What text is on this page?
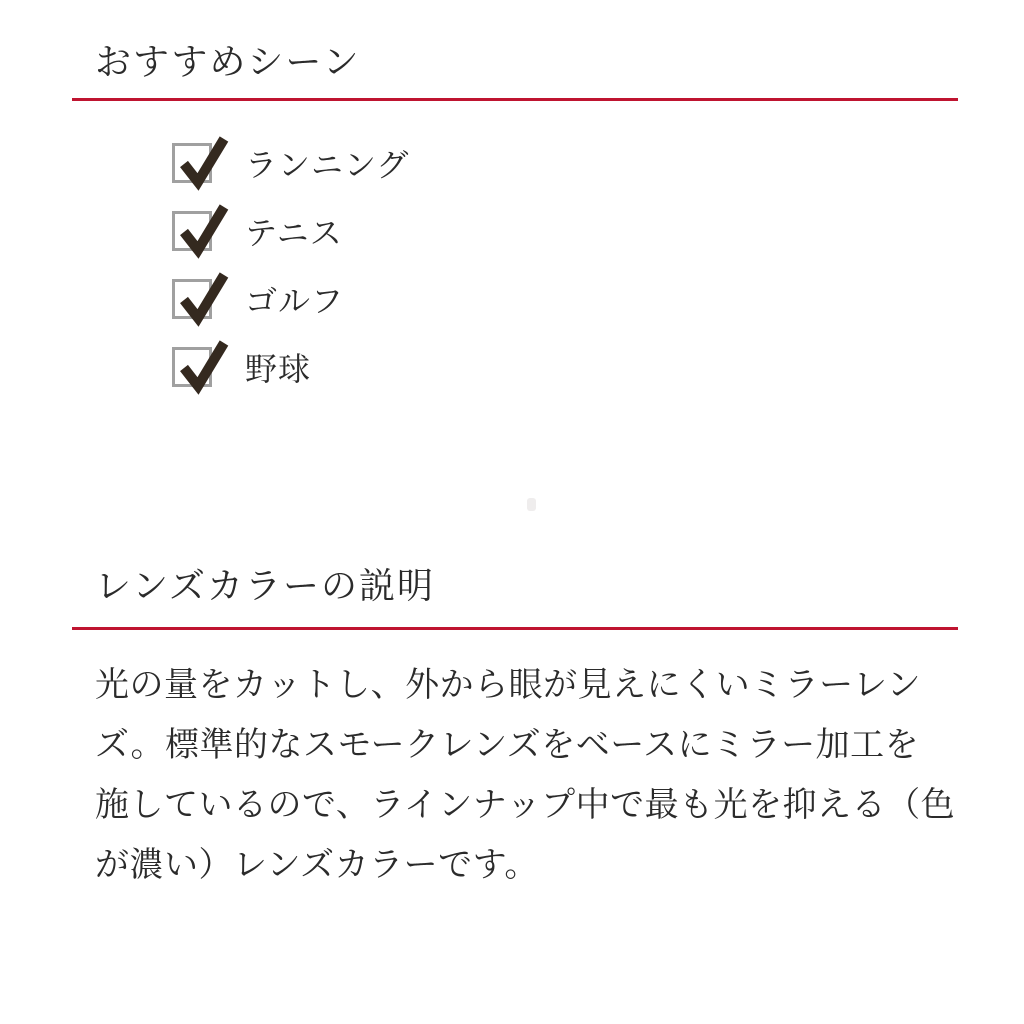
おすすめシーン
ランニング
テニス
ゴルフ
野球
レンズカラーの説明
光の量をカットし、外から眼が見えにくいミラーレン
ズ。標準的なスモークレンズをベースにミラー加工を
施しているので、ラインナップ中で最も光を抑える（色
が濃い）レンズカラーです。
